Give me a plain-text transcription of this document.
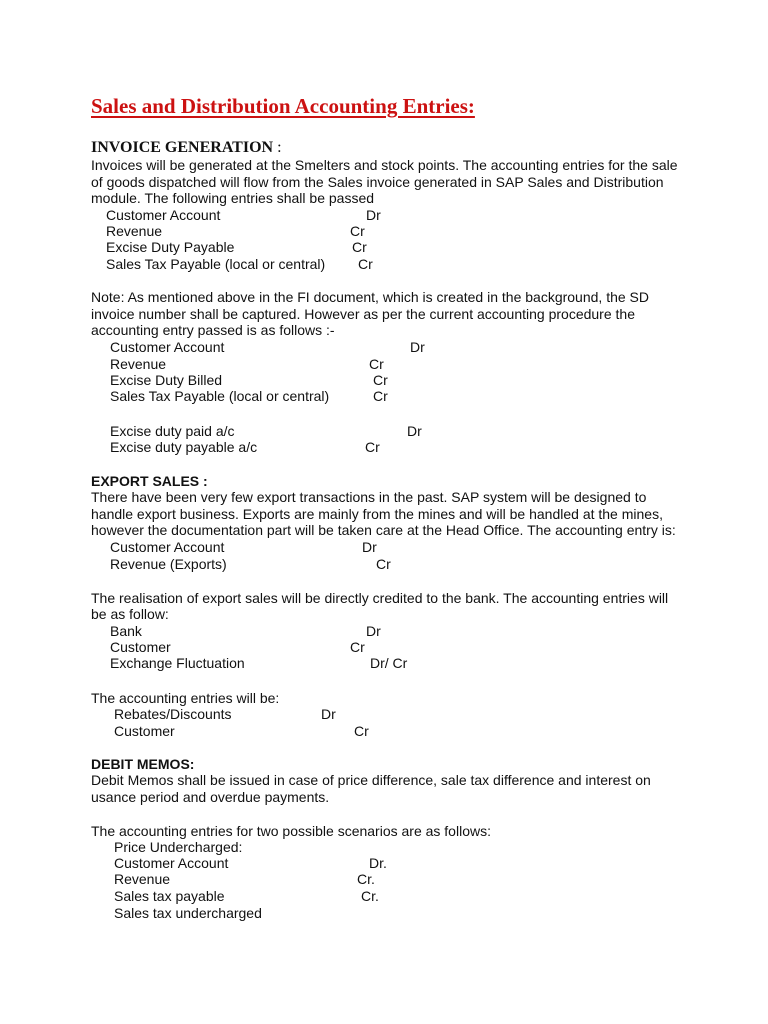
Sales and Distribution Accounting Entries:
INVOICE GENERATION :
Invoices will be generated at the Smelters and stock points. The accounting entries for the sale
of goods dispatched will flow from the Sales invoice generated in SAP Sales and Distribution
module. The following entries shall be passed
Customer Account	Dr
Revenue	Cr
Excise Duty Payable	Cr
Sales Tax Payable (local or central) Cr
Note: As mentioned above in the FI document, which is created in the background, the SD
invoice number shall be captured. However as per the current accounting procedure the
accounting entry passed is as follows :-
Customer Account	Dr
Revenue	Cr
Excise Duty Billed	Cr
Sales Tax Payable (local or central)	Cr
Excise duty paid a/c	Dr
Excise duty payable a/c	Cr
EXPORT SALES :
There have been very few export transactions in the past. SAP system will be designed to
handle export business. Exports are mainly from the mines and will be handled at the mines,
however the documentation part will be taken care at the Head Office. The accounting entry is:
Customer Account	Dr
Revenue (Exports)	Cr
The realisation of export sales will be directly credited to the bank. The accounting entries will
be as follow:
Bank	Dr
Customer	Cr
Exchange Fluctuation	Dr/ Cr
The accounting entries will be:
Rebates/Discounts	Dr
Customer	Cr
DEBIT MEMOS:
Debit Memos shall be issued in case of price difference, sale tax difference and interest on
usance period and overdue payments.
The accounting entries for two possible scenarios are as follows:
Price Undercharged:
Customer Account	Dr.
Revenue	Cr.
Sales tax payable	Cr.
Sales tax undercharged
